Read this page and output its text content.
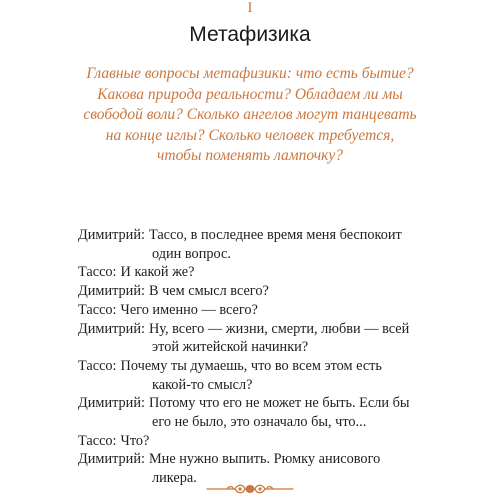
I
Метафизика
Главные вопросы метафизики: что есть бытие?
Какова природа реальности? Обладаем ли мы
свободой воли? Сколько ангелов могут танцевать
на конце иглы? Сколько человек требуется,
чтобы поменять лампочку?
Димитрий: Тассо, в последнее время меня беспокоит
один вопрос.
Тассо: И какой же?
Димитрий: В чем смысл всего?
Тассо: Чего именно — всего?
Димитрий: Ну, всего — жизни, смерти, любви — всей
этой житейской начинки?
Тассо: Почему ты думаешь, что во всем этом есть
какой-то смысл?
Димитрий: Потому что его не может не быть. Если бы
его не было, это означало бы, что...
Тассо: Что?
Димитрий: Мне нужно выпить. Рюмку анисового
ликера.
